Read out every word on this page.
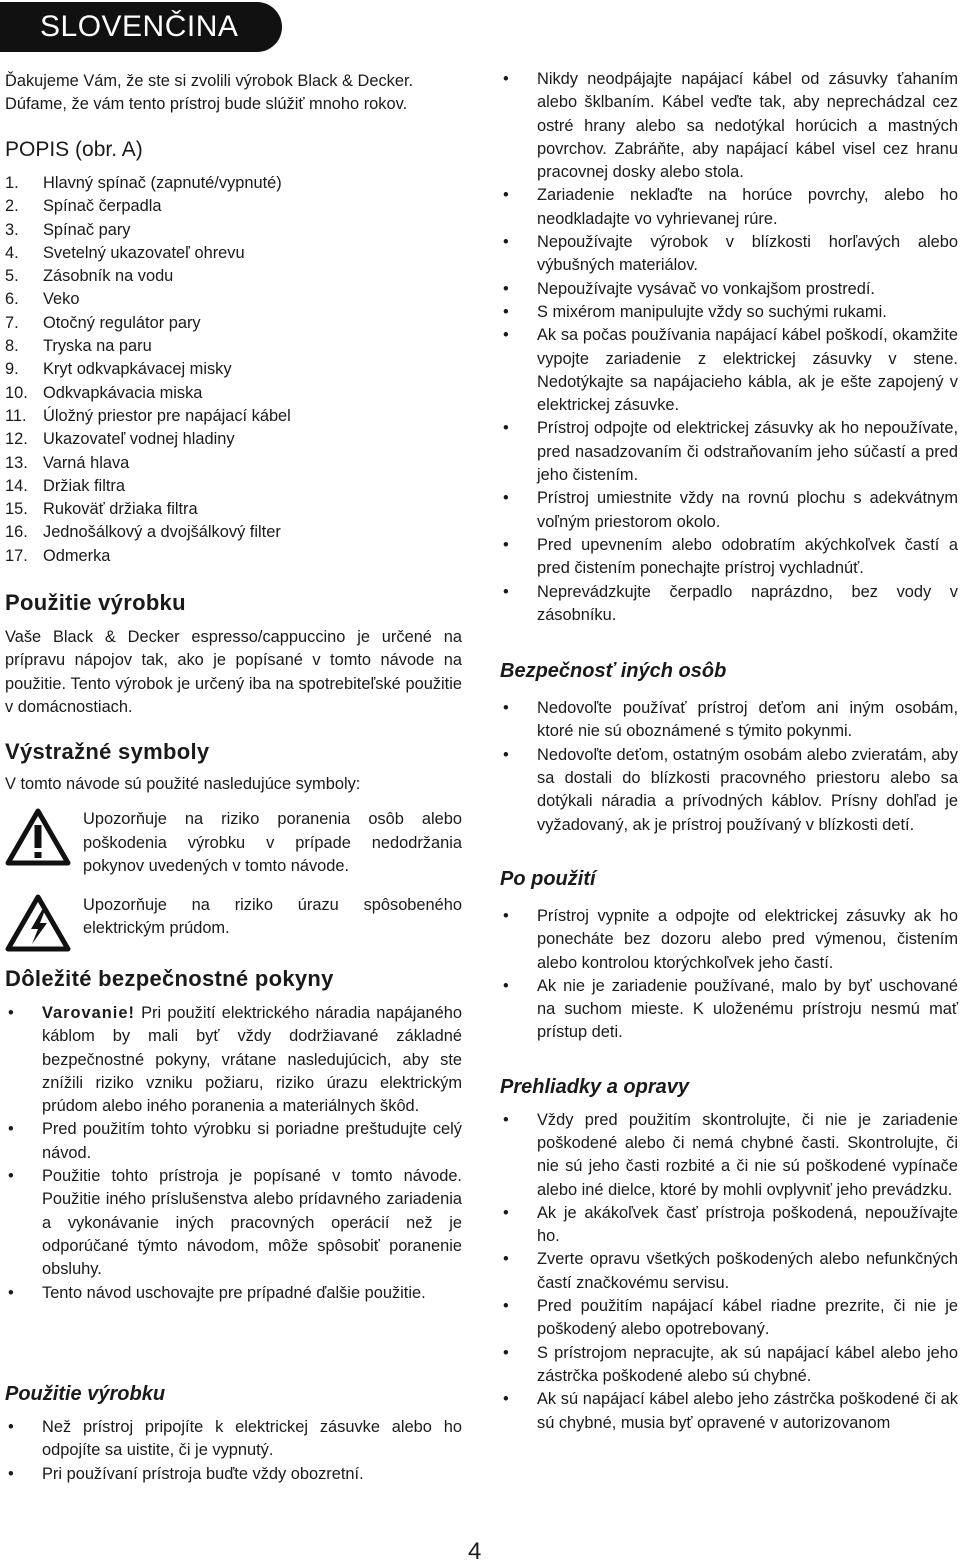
SLOVENČINA

Ďakujeme Vám, že ste si zvolili výrobok Black & Decker. Dúfame, že vám tento prístroj bude slúžiť mnoho rokov.

POPIS (obr. A)
1.	Hlavný spínač (zapnuté/vypnuté)
2.	Spínač čerpadla
3.	Spínač pary
4.	Svetelný ukazovateľ ohrevu
5.	Zásobník na vodu
6.	Veko
7.	Otočný regulátor pary
8.	Tryska na paru
9.	Kryt odkvapkávacej misky
10. Odkvapkávacia miska
11.	Úložný priestor pre napájací kábel
12. Ukazovateľ vodnej hladiny
13. Varná hlava
14. Držiak filtra
15. Rukoväť držiaka filtra
16. Jednošálkový a dvojšálkový filter
17. Odmerka
Použitie výrobku

Vaše Black & Decker espresso/cappuccino je určené na prípravu nápojov tak, ako je popísané v tomto návode na použitie. Tento výrobok je určený iba na spotrebiteľské použitie v domácnostiach.

Výstražné symboly

V tomto návode sú použité nasledujúce symboly:

Upozorňuje na riziko poranenia osôb alebo poškodenia výrobku v prípade nedodržania pokynov uvedených v tomto návode.

Upozorňuje na riziko úrazu spôsobeného elektrickým prúdom.

Dôležité bezpečnostné pokyny
• Varovanie! Pri použití elektrického náradia napájaného káblom by mali byť vždy dodržiavané základné bezpečnostné pokyny, vrátane nasledujúcich, aby ste znížili riziko vzniku požiaru, riziko úrazu elektrickým prúdom alebo iného poranenia a materiálnych škôd.
• Pred použitím tohto výrobku si poriadne preštudujte celý návod.
• Použitie tohto prístroja je popísané v tomto návode. Použitie iného príslušenstva alebo prídavného zariadenia a vykonávanie iných pracovných operácií než je odporúčané týmto návodom, môže spôsobiť poranenie obsluhy.
• Tento návod uschovajte pre prípadné ďalšie použitie.
Použitie výrobku
• Než prístroj pripojíte k elektrickej zásuvke alebo ho odpojíte sa uistite, či je vypnutý.
• Pri používaní prístroja buďte vždy obozretní.
• Nikdy neodpájajte napájací kábel od zásuvky ťahaním alebo šklbaním. Kábel veďte tak, aby neprechádzal cez ostré hrany alebo sa nedotýkal horúcich a mastných povrchov. Zabráňte, aby napájací kábel visel cez hranu pracovnej dosky alebo stola.
• Zariadenie neklaďte na horúce povrchy, alebo ho neodkladajte vo vyhrievanej rúre.
• Nepoužívajte výrobok v blízkosti horľavých alebo výbušných materiálov.
• Nepoužívajte vysávač vo vonkajšom prostredí.
• S mixérom manipulujte vždy so suchými rukami.
• Ak sa počas používania napájací kábel poškodí, okamžite vypojte zariadenie z elektrickej zásuvky v stene. Nedotýkajte sa napájacieho kábla, ak je ešte zapojený v elektrickej zásuvke.
• Prístroj odpojte od elektrickej zásuvky ak ho nepoužívate, pred nasadzovaním či odstraňovaním jeho súčastí a pred jeho čistením.
• Prístroj umiestnite vždy na rovnú plochu s adekvátnym voľným priestorom okolo.
• Pred upevnením alebo odobratím akýchkoľvek častí a pred čistením ponechajte prístroj vychladnúť.
• Neprevádzkujte čerpadlo naprázdno, bez vody v zásobníku.
Bezpečnosť iných osôb
• Nedovoľte používať prístroj deťom ani iným osobám, ktoré nie sú oboznámené s týmito pokynmi.
• Nedovoľte deťom, ostatným osobám alebo zvieratám, aby sa dostali do blízkosti pracovného priestoru alebo sa dotýkali náradia a prívodných káblov. Prísny dohľad je vyžadovaný, ak je prístroj používaný v blízkosti detí.
Po použití
• Prístroj vypnite a odpojte od elektrickej zásuvky ak ho ponecháte bez dozoru alebo pred výmenou, čistením alebo kontrolou ktorýchkoľvek jeho častí.
• Ak nie je zariadenie používané, malo by byť uschované na suchom mieste. K uloženému prístroju nesmú mať prístup deti.
Prehliadky a opravy
• Vždy pred použitím skontrolujte, či nie je zariadenie poškodené alebo či nemá chybné časti. Skontrolujte, či nie sú jeho časti rozbité a či nie sú poškodené vypínače alebo iné dielce, ktoré by mohli ovplyvniť jeho prevádzku.
• Ak je akákoľvek časť prístroja poškodená, nepoužívajte ho.
• Zverte opravu všetkých poškodených alebo nefunkčných častí značkovému servisu.
• Pred použitím napájací kábel riadne prezrite, či nie je poškodený alebo opotrebovaný.
• S prístrojom nepracujte, ak sú napájací kábel alebo jeho zástrčka poškodené alebo sú chybné.
• Ak sú napájací kábel alebo jeho zástrčka poškodené či ak sú chybné, musia byť opravené v autorizovanom
4
